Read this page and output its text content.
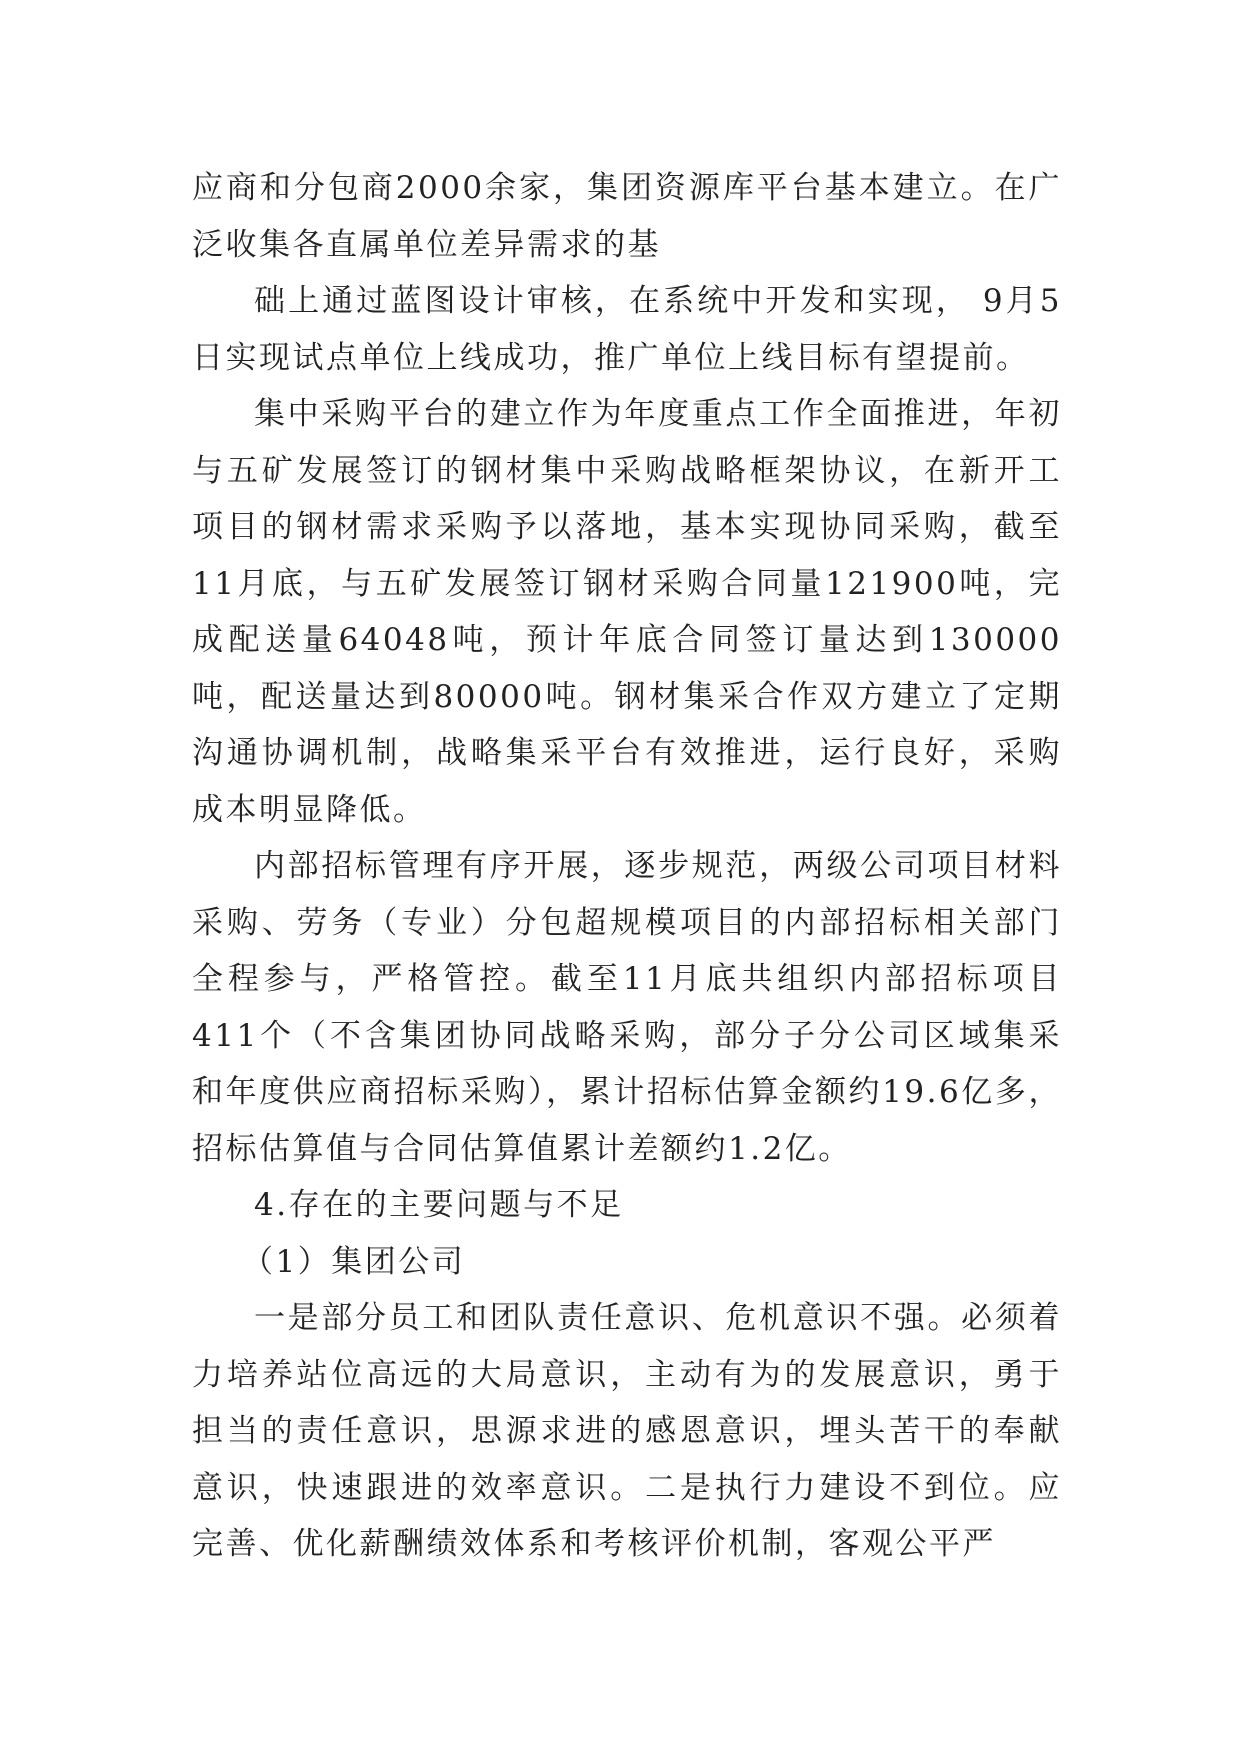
应商和分包商2000余家，集团资源库平台基本建立。在广泛收集各直属单位差异需求的基

础上通过蓝图设计审核，在系统中开发和实现， 9月5日实现试点单位上线成功，推广单位上线目标有望提前。

集中采购平台的建立作为年度重点工作全面推进，年初与五矿发展签订的钢材集中采购战略框架协议，在新开工项目的钢材需求采购予以落地，基本实现协同采购，截至11月底，与五矿发展签订钢材采购合同量121900吨，完成配送量64048吨，预计年底合同签订量达到130000吨，配送量达到80000吨。钢材集采合作双方建立了定期沟通协调机制，战略集采平台有效推进，运行良好，采购成本明显降低。

内部招标管理有序开展，逐步规范，两级公司项目材料采购、劳务（专业）分包超规模项目的内部招标相关部门全程参与，严格管控。截至11月底共组织内部招标项目411个（不含集团协同战略采购，部分子分公司区域集采和年度供应商招标采购），累计招标估算金额约19.6亿多，招标估算值与合同估算值累计差额约1.2亿。

4.存在的主要问题与不足

（1）集团公司

一是部分员工和团队责任意识、危机意识不强。必须着力培养站位高远的大局意识，主动有为的发展意识，勇于担当的责任意识，思源求进的感恩意识，埋头苦干的奉献意识，快速跟进的效率意识。二是执行力建设不到位。应完善、优化薪酬绩效体系和考核评价机制，客观公平严
